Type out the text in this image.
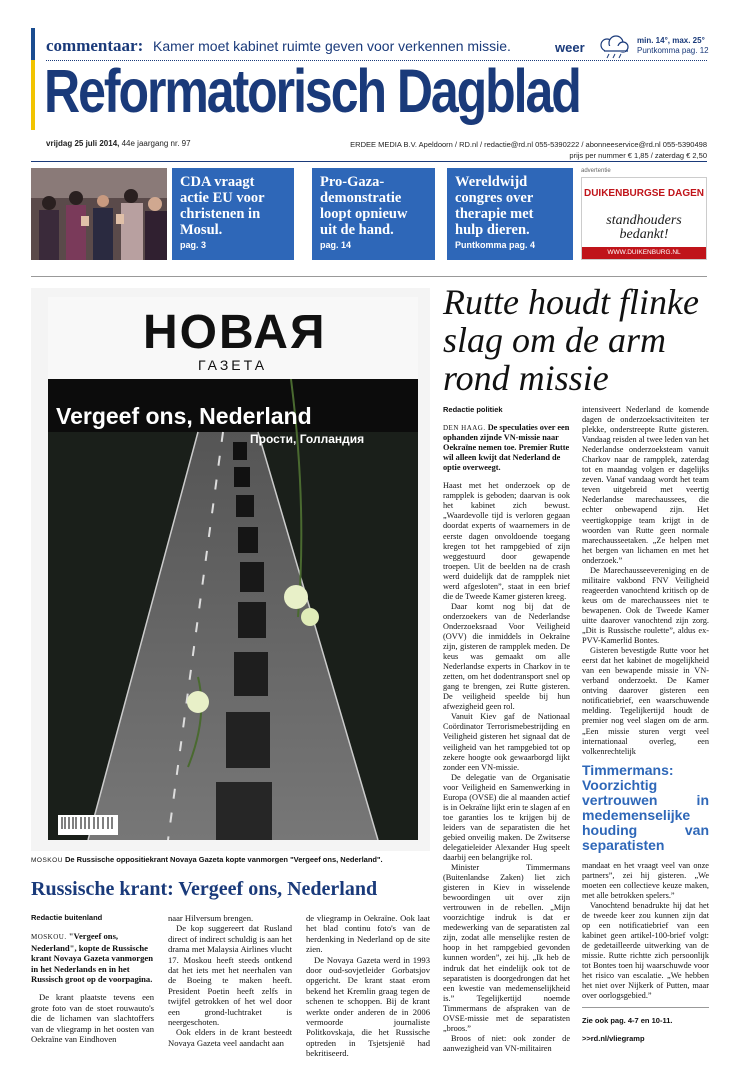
commentaar: Kamer moet kabinet ruimte geven voor verkennen missie.	weer	min. 14°, max. 25°
Puntkomma pag. 12
Reformatorisch Dagblad
vrijdag 25 juli 2014, 44e jaargang nr. 97	ERDEE MEDIA B.V. Apeldoorn / RD.nl / redactie@rd.nl 055-5390222 / abonneeservice@rd.nl 055-5390498
prijs per nummer € 1,85 / zaterdag € 2,50
CDA vraagt actie EU voor christenen in Mosul.
pag. 3
Pro-Gaza-demonstratie loopt opnieuw uit de hand.
pag. 14
Wereldwijd congres over therapie met hulp dieren.
Puntkomma pag. 4
advertentie
DUIKENBURGSE DAGEN
standhouders bedankt!
WWW.DUIKENBURG.NL
НОВАЯ
ГАЗЕТА
Vergeef ons, Nederland
Прости, Голландия
MOSKOU De Russische oppositiekrant Novaya Gazeta kopte vanmorgen "Vergeef ons, Nederland".
Russische krant: Vergeef ons, Nederland
Redactie buitenland
MOSKOU. "Vergeef ons, Nederland", kopte de Russische krant Novaya Gazeta vanmorgen in het Nederlands en in het Russisch groot op de voorpagina.

De krant plaatste tevens een grote foto van de stoet rouwauto's die de lichamen van slachtoffers van de vliegramp in het oosten van Oekraïne van Eindhoven

naar Hilversum brengen.

De kop suggereert dat Rusland direct of indirect schuldig is aan het drama met Malaysia Airlines vlucht 17. Moskou heeft steeds ontkend dat het iets met het neerhalen van de Boeing te maken heeft. President Poetin heeft zelfs in twijfel getrokken of het wel door een grond-luchtraket is neergeschoten.

Ook elders in de krant besteedt Novaya Gazeta veel aandacht aan

de vliegramp in Oekraïne. Ook laat het blad continu foto's van de herdenking in Nederland op de site zien.

De Novaya Gazeta werd in 1993 door oud-sovjetleider Gorbatsjov opgericht. De krant staat erom bekend het Kremlin graag tegen de schenen te schoppen. Bij de krant werkte onder anderen de in 2006 vermoorde journaliste Politkovskaja, die het Russische optreden in Tsjetsjenië had bekritiseerd.

Rutte houdt flinke slag om de arm rond missie
Redactie politiek
DEN HAAG. De speculaties over een ophanden zijnde VN-missie naar Oekraïne nemen toe. Premier Rutte wil alleen kwijt dat Nederland de optie overweegt.

Haast met het onderzoek op de rampplek is geboden; daarvan is ook het kabinet zich bewust. „Waardevolle tijd is verloren gegaan doordat experts of waarnemers in de eerste dagen onvoldoende toegang kregen tot het rampgebied of zijn weggestuurd door gewapende troepen. Uit de beelden na de crash werd duidelijk dat de rampplek niet werd afgesloten”, staat in een brief die de Tweede Kamer gisteren kreeg.

Daar komt nog bij dat de onderzoekers van de Nederlandse Onderzoeksraad Voor Veiligheid (OVV) die inmiddels in Oekraïne zijn, gisteren de rampplek meden. De keus was gemaakt om alle Nederlandse experts in Charkov in te zetten, om het dodentransport snel op gang te brengen, zei Rutte gisteren. De veiligheid speelde bij hun afwezigheid geen rol.

Vanuit Kiev gaf de Nationaal Coördinator Terrorismebestrijding en Veiligheid gisteren het signaal dat de veiligheid van het rampgebied tot op zekere hoogte ook gewaarborgd lijkt zonder een VN-missie.

De delegatie van de Organisatie voor Veiligheid en Samenwerking in Europa (OVSE) die al maanden actief is in Oekraïne lijkt erin te slagen af en toe garanties los te krijgen bij de leiders van de separatisten die het gebied onveilig maken. De Zwitserse delegatieleider Alexander Hug speelt daarbij een belangrijke rol.

Minister Timmermans (Buitenlandse Zaken) liet zich gisteren in Kiev in wisselende bewoordingen uit over zijn vertrouwen in de rebellen. „Mijn voorzichtige indruk is dat er medewerking van de separatisten zal zijn, zodat alle menselijke resten de hoop in het rampgebied gevonden kunnen worden”, zei hij. „Ik heb de indruk dat het eindelijk ook tot de separatisten is doorgedrongen dat het een kwestie van medemenselijkheid is.” Tegelijkertijd noemde Timmermans de afspraken van de OVSE-missie met de separatisten „broos.”

Broos of niet: ook zonder de aanwezigheid van VN-militairen

intensiveert Nederland de komende dagen de onderzoeksactiviteiten ter plekke, onderstreepte Rutte gisteren. Vandaag reisden al twee leden van het Nederlandse onderzoeksteam vanuit Charkov naar de rampplek, zaterdag tot en maandag volgen er dagelijks zeven. Vanaf vandaag wordt het team teven uitgebreid met veertig Nederlandse marechaussees, die echter onbewapend zijn. Het veertigkoppige team krijgt in de woorden van Rutte geen normale marechausseetaken. „Ze helpen met het bergen van lichamen en met het onderzoek.”

De Marechausseevereniging en de militaire vakbond FNV Veiligheid reageerden vanochtend kritisch op de keus om de marechaussees niet te bewapenen. Ook de Tweede Kamer uitte daarover vanochtend zijn zorg. „Dit is Russische roulette”, aldus ex-PVV-Kamerlid Bontes.

Gisteren bevestigde Rutte voor het eerst dat het kabinet de mogelijkheid van een bewapende missie in VN-verband onderzoekt. De Kamer ontving daarover gisteren een notificatiebrief, een waarschuwende melding. Tegelijkertijd houdt de premier nog veel slagen om de arm. „Een missie sturen vergt veel internationaal overleg, een volkenrechtelijk

Timmermans: Voorzichtig vertrouwen in medemenselijke houding van separatisten

mandaat en het vraagt veel van onze partners”, zei hij gisteren. „We moeten een collectieve keuze maken, met alle betrokken spelers.”

Vanochtend benadrukte hij dat het de tweede keer zou kunnen zijn dat op een notificatiebrief van een kabinet geen artikel-100-brief volgt: de gedetailleerde uitwerking van de missie. Rutte richtte zich persoonlijk tot Bontes toen hij waarschuwde voor het risico van escalatie. „We hebben het niet over Nijkerk of Putten, maar over oorlogsgebied.”

Zie ook pag. 4-7 en 10-11.
>>rd.nl/vliegramp
